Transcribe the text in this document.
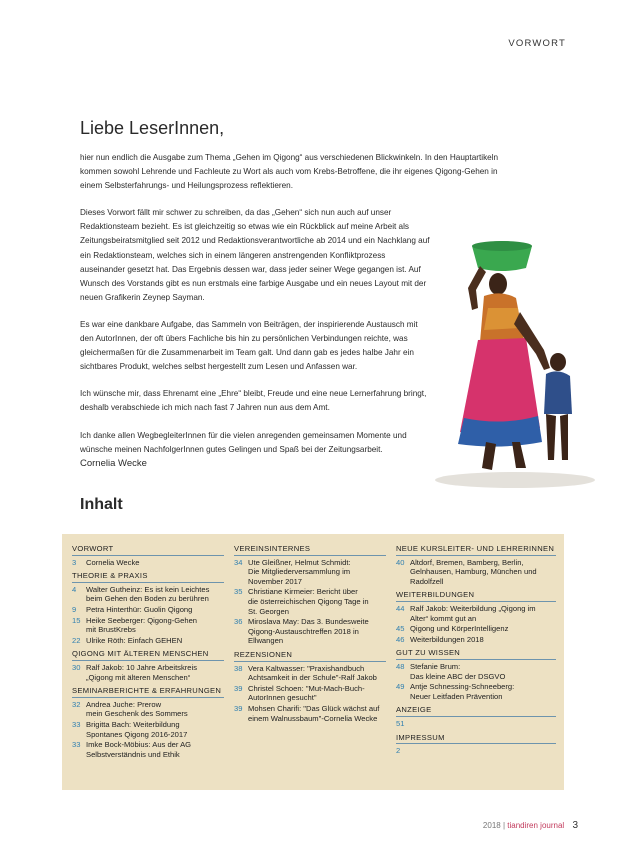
VORWORT
Liebe LeserInnen,

hier nun endlich die Ausgabe zum Thema „Gehen im Qigong“ aus verschiedenen Blickwinkeln. In den Hauptartikeln kommen sowohl Lehrende und Fachleute zu Wort als auch vom Krebs-Betroffene, die ihr eigenes Qigong-Gehen in einem Selbsterfahrungs- und Heilungsprozess reflektieren.

Dieses Vorwort fällt mir schwer zu schreiben, da das „Gehen“ sich nun auch auf unser Redaktionsteam bezieht. Es ist gleichzeitig so etwas wie ein Rückblick auf meine Arbeit als Zeitungsbeiratsmitglied seit 2012 und Redaktionsverantwortliche ab 2014 und ein Nachklang auf ein Redaktionsteam, welches sich in einem längeren anstrengenden Konfliktprozess auseinander gesetzt hat. Das Ergebnis dessen war, dass jeder seiner Wege gegangen ist. Auf Wunsch des Vorstands gibt es nun erstmals eine farbige Ausgabe und ein neues Layout mit der neuen Grafikerin Zeynep Sayman.

Es war eine dankbare Aufgabe, das Sammeln von Beiträgen, der inspirierende Austausch mit den AutorInnen, der oft übers Fachliche bis hin zu persönlichen Verbindungen reichte, was gleichermaßen für die Zusammenarbeit im Team galt. Und dann gab es jedes halbe Jahr ein sichtbares Produkt, welches selbst hergestellt zum Lesen und Anfassen war.

Ich wünsche mir, dass Ehrenamt eine „Ehre“ bleibt, Freude und eine neue Lernerfahrung bringt, deshalb verabschiede ich mich nach fast 7 Jahren nun aus dem Amt.

Ich danke allen WegbegleiterInnen für die vielen anregenden gemeinsamen Momente und wünsche meinen NachfolgerInnen gutes Gelingen und Spaß bei der Zeitungsarbeit.

Cornelia Wecke
Inhalt
VORWORT
3	Cornelia Wecke
THEORIE & PRAXIS
4	Walter Gutheinz: Es ist kein Leichtes
beim Gehen den Boden zu berühren
9	Petra Hinterthür: Guolin Qigong
15 Heike Seeberger: Qigong-Gehen
mit BrustKrebs
22 Ulrike Röth: Einfach GEHEN
QIGONG MIT ÄLTEREN MENSCHEN
30 Ralf Jakob: 10 Jahre Arbeitskreis
„Qigong mit älteren Menschen“
SEMINARBERICHTE & ERFAHRUNGEN
32 Andrea Juche: Prerow
mein Geschenk des Sommers
33 Brigitta Bach: Weiterbildung
Spontanes Qigong 2016-2017
33 Imke Bock-Möbius: Aus der AG
Selbstverständnis und Ethik
VEREINSINTERNES
34 Ute Gleißner, Helmut Schmidt:
Die Mitgliederversammlung im
November 2017
35 Christiane Kirmeier: Bericht über
die österreichischen Qigong Tage in
St. Georgen
36 Miroslava May: Das 3. Bundesweite
Qigong-Austauschtreffen 2018 in
Ellwangen
REZENSIONEN
38 Vera Kaltwasser: "Praxishandbuch
Achtsamkeit in der Schule"-Ralf Jakob
39 Christel Schoen: "Mut-Mach-Buch-
AutorInnen gesucht"
39 Mohsen Charifi: "Das Glück wächst auf
einem Walnussbaum"-Cornelia Wecke
NEUE KURSLEITER- UND LEHRERINNEN
40 Altdorf, Bremen, Bamberg, Berlin,
Gelnhausen, Hamburg, München und
Radolfzell
WEITERBILDUNGEN
44 Ralf Jakob: Weiterbildung „Qigong im
Alter“ kommt gut an
45 Qigong und KörperIntelligenz
46 Weiterbildungen 2018
GUT ZU WISSEN
48 Stefanie Brum:
Das kleine ABC der DSGVO
49 Antje Schnessing-Schneeberg:
Neuer Leitfaden Prävention
ANZEIGE
51
IMPRESSUM
2
2018 | tiandiren journal 3
